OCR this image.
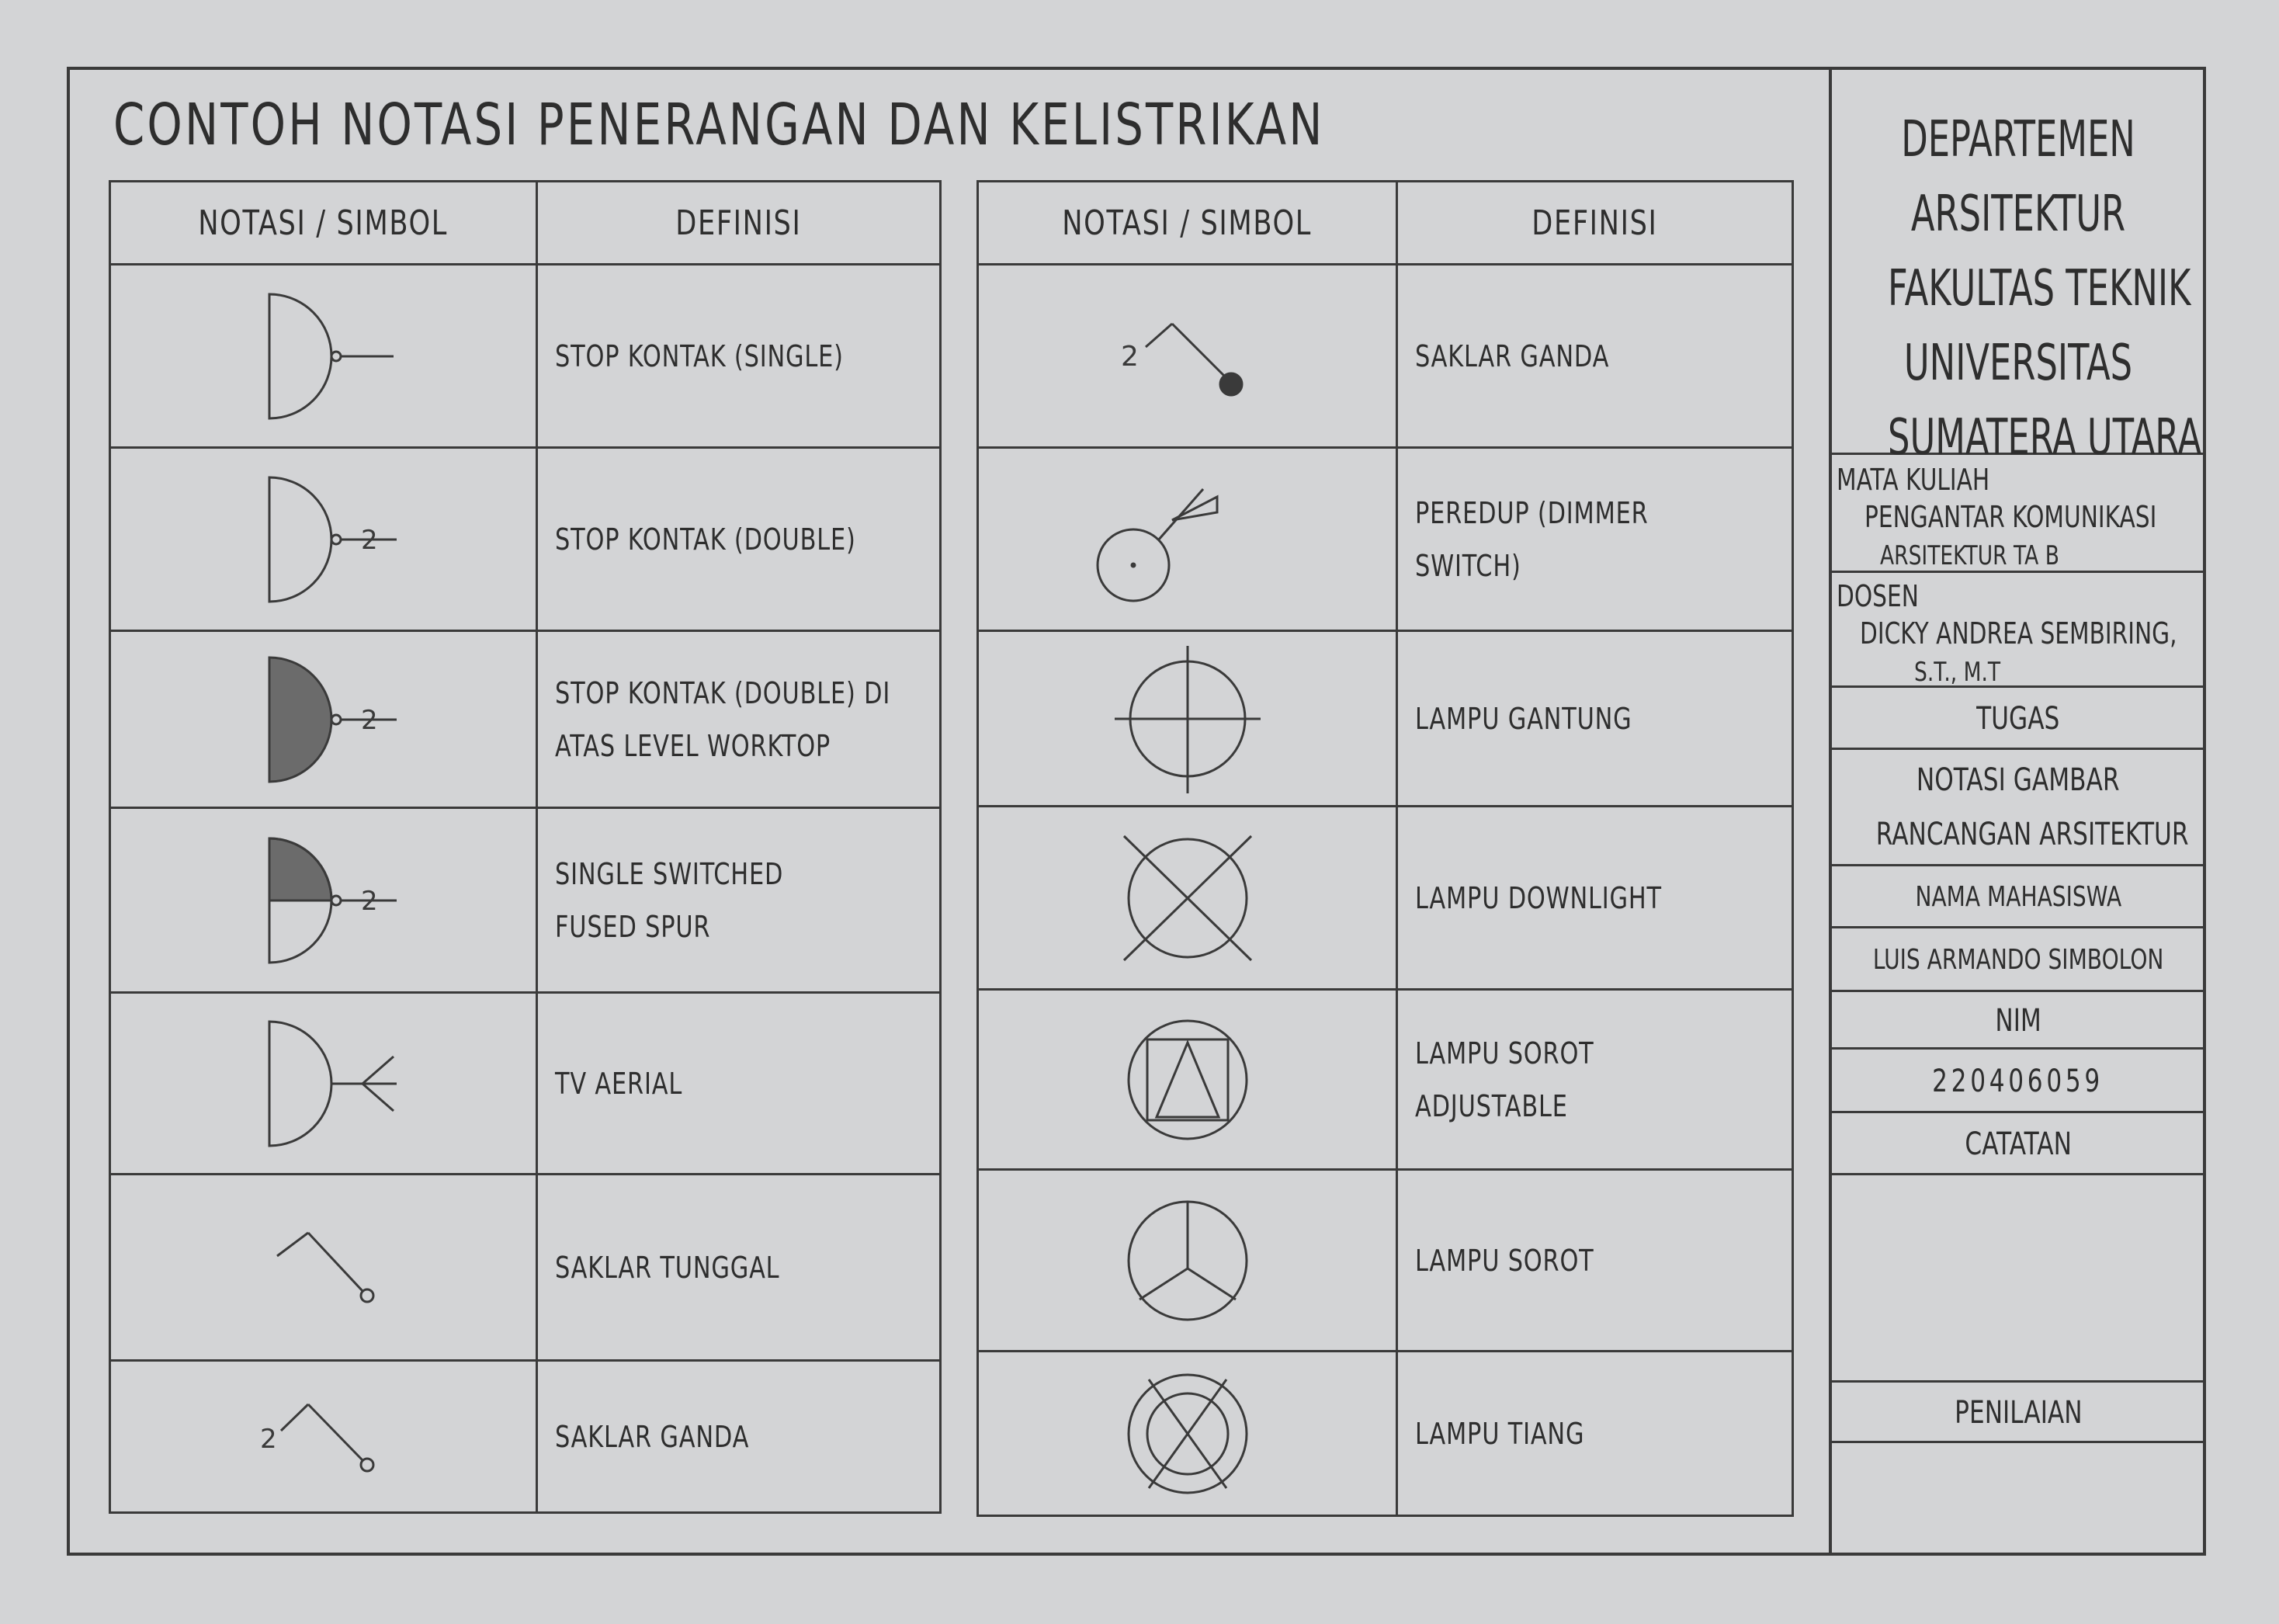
CONTOH NOTASI PENERANGAN DAN KELISTRIKAN
NOTASI / SIMBOL	DEFINISI

	STOP KONTAK (SINGLE)

2	STOP KONTAK (DOUBLE)

2	STOP KONTAK (DOUBLE) DI ATAS LEVEL WORKTOP

2	SINGLE SWITCHED FUSED SPUR

	TV AERIAL

	SAKLAR TUNGGAL

2	SAKLAR GANDA
NOTASI / SIMBOL	DEFINISI

2	SAKLAR GANDA

	PEREDUP (DIMMER SWITCH)

	LAMPU GANTUNG

	LAMPU DOWNLIGHT

	LAMPU SOROT ADJUSTABLE

	LAMPU SOROT

	LAMPU TIANG
DEPARTEMEN
ARSITEKTUR
FAKULTAS TEKNIK
UNIVERSITAS
SUMATERA UTARA
MATA KULIAH
PENGANTAR KOMUNIKASI
ARSITEKTUR TA B
DOSEN
DICKY ANDREA SEMBIRING,
S.T., M.T
TUGAS
NOTASI GAMBAR
RANCANGAN ARSITEKTUR
NAMA MAHASISWA
LUIS ARMANDO SIMBOLON
NIM
220406059
CATATAN
PENILAIAN
